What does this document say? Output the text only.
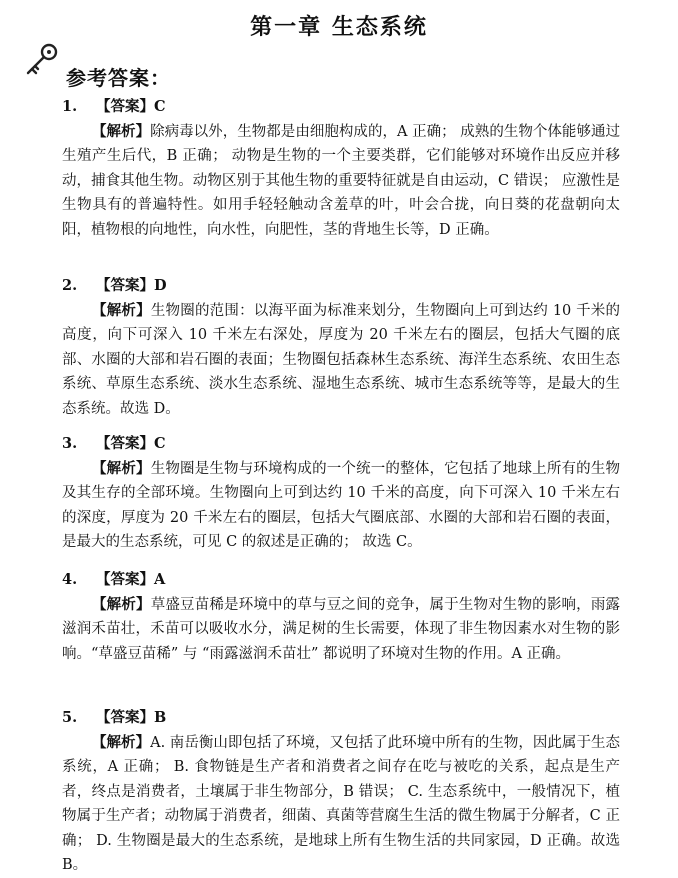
第一章 生态系统
参考答案：
1. 【答案】C
【解析】除病毒以外，生物都是由细胞构成的，A 正确； 成熟的生物个体能够通过生殖产生后代，B 正确； 动物是生物的一个主要类群，它们能够对环境作出反应并移动，捕食其他生物。动物区别于其他生物的重要特征就是自由运动，C 错误； 应激性是生物具有的普遍特性。如用手轻轻触动含羞草的叶，叶会合拢，向日葵的花盘朝向太阳，植物根的向地性，向水性，向肥性，茎的背地生长等，D 正确。
2. 【答案】D
【解析】生物圈的范围：以海平面为标准来划分，生物圈向上可到达约 10 千米的高度，向下可深入 10 千米左右深处，厚度为 20 千米左右的圈层，包括大气圈的底部、水圈的大部和岩石圈的表面；生物圈包括森林生态系统、海洋生态系统、农田生态系统、草原生态系统、淡水生态系统、湿地生态系统、城市生态系统等等，是最大的生态系统。故选 D。
3. 【答案】C
【解析】生物圈是生物与环境构成的一个统一的整体，它包括了地球上所有的生物及其生存的全部环境。生物圈向上可到达约 10 千米的高度，向下可深入 10 千米左右的深度，厚度为 20 千米左右的圈层，包括大气圈底部、水圈的大部和岩石圈的表面，是最大的生态系统，可见 C 的叙述是正确的； 故选 C。
4. 【答案】A
【解析】草盛豆苗稀是环境中的草与豆之间的竞争，属于生物对生物的影响，雨露滋润禾苗壮，禾苗可以吸收水分，满足树的生长需要，体现了非生物因素水对生物的影响。“草盛豆苗稀” 与 “雨露滋润禾苗壮” 都说明了环境对生物的作用。A 正确。
5. 【答案】B
【解析】A. 南岳衡山即包括了环境，又包括了此环境中所有的生物，因此属于生态系统，A 正确； B. 食物链是生产者和消费者之间存在吃与被吃的关系，起点是生产者，终点是消费者，土壤属于非生物部分，B 错误； C. 生态系统中，一般情况下，植物属于生产者；动物属于消费者，细菌、真菌等营腐生生活的微生物属于分解者，C 正确； D. 生物圈是最大的生态系统，是地球上所有生物生活的共同家园，D 正确。故选 B。
